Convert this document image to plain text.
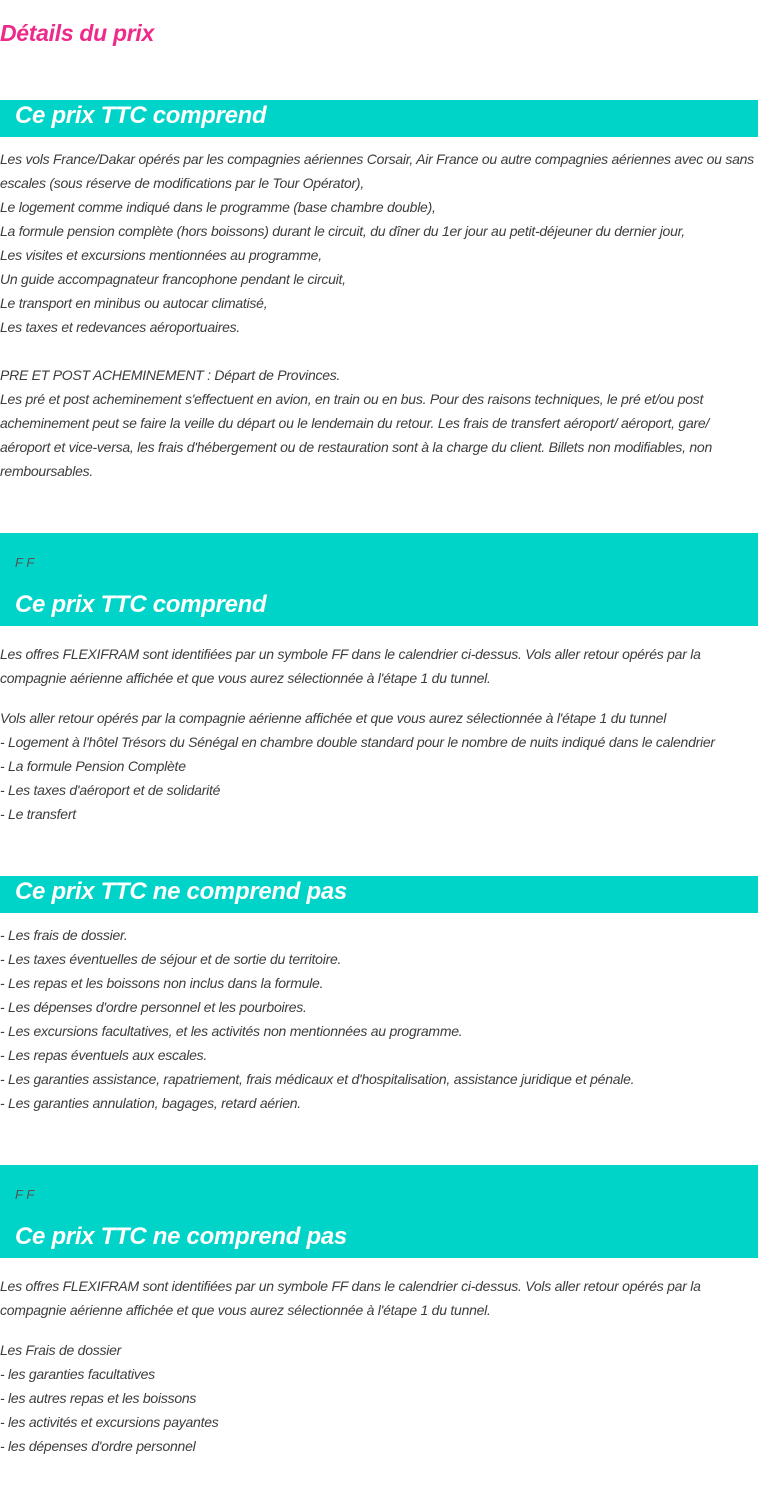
Détails du prix
Ce prix TTC comprend

Les vols France/Dakar opérés par les compagnies aériennes Corsair, Air France ou autre compagnies aériennes avec ou sans escales (sous réserve de modifications par le Tour Opérator),

Le logement comme indiqué dans le programme (base chambre double),

La formule pension complète (hors boissons) durant le circuit, du dîner du 1er jour au petit-déjeuner du dernier jour,

Les visites et excursions mentionnées au programme,

Un guide accompagnateur francophone pendant le circuit,

Le transport en minibus ou autocar climatisé,

Les taxes et redevances aéroportuaires.

PRE ET POST ACHEMINEMENT : Départ de Provinces.

Les pré et post acheminement s'effectuent en avion, en train ou en bus. Pour des raisons techniques, le pré et/ou post acheminement peut se faire la veille du départ ou le lendemain du retour. Les frais de transfert aéroport/ aéroport, gare/ aéroport et vice-versa, les frais d'hébergement ou de restauration sont à la charge du client. Billets non modifiables, non remboursables.

F F
Ce prix TTC comprend

Les offres FLEXIFRAM sont identifiées par un symbole FF dans le calendrier ci-dessus. Vols aller retour opérés par la compagnie aérienne affichée et que vous aurez sélectionnée à l'étape 1 du tunnel.

Vols aller retour opérés par la compagnie aérienne affichée et que vous aurez sélectionnée à l'étape 1 du tunnel

- Logement à l'hôtel Trésors du Sénégal en chambre double standard pour le nombre de nuits indiqué dans le calendrier

- La formule Pension Complète

- Les taxes d'aéroport et de solidarité

- Le transfert

Ce prix TTC ne comprend pas

- Les frais de dossier.

- Les taxes éventuelles de séjour et de sortie du territoire.

- Les repas et les boissons non inclus dans la formule.

- Les dépenses d'ordre personnel et les pourboires.

- Les excursions facultatives, et les activités non mentionnées au programme.

- Les repas éventuels aux escales.

- Les garanties assistance, rapatriement, frais médicaux et d'hospitalisation, assistance juridique et pénale.

- Les garanties annulation, bagages, retard aérien.

F F
Ce prix TTC ne comprend pas

Les offres FLEXIFRAM sont identifiées par un symbole FF dans le calendrier ci-dessus. Vols aller retour opérés par la compagnie aérienne affichée et que vous aurez sélectionnée à l'étape 1 du tunnel.

Les Frais de dossier

- les garanties facultatives

- les autres repas et les boissons

- les activités et excursions payantes

- les dépenses d'ordre personnel
